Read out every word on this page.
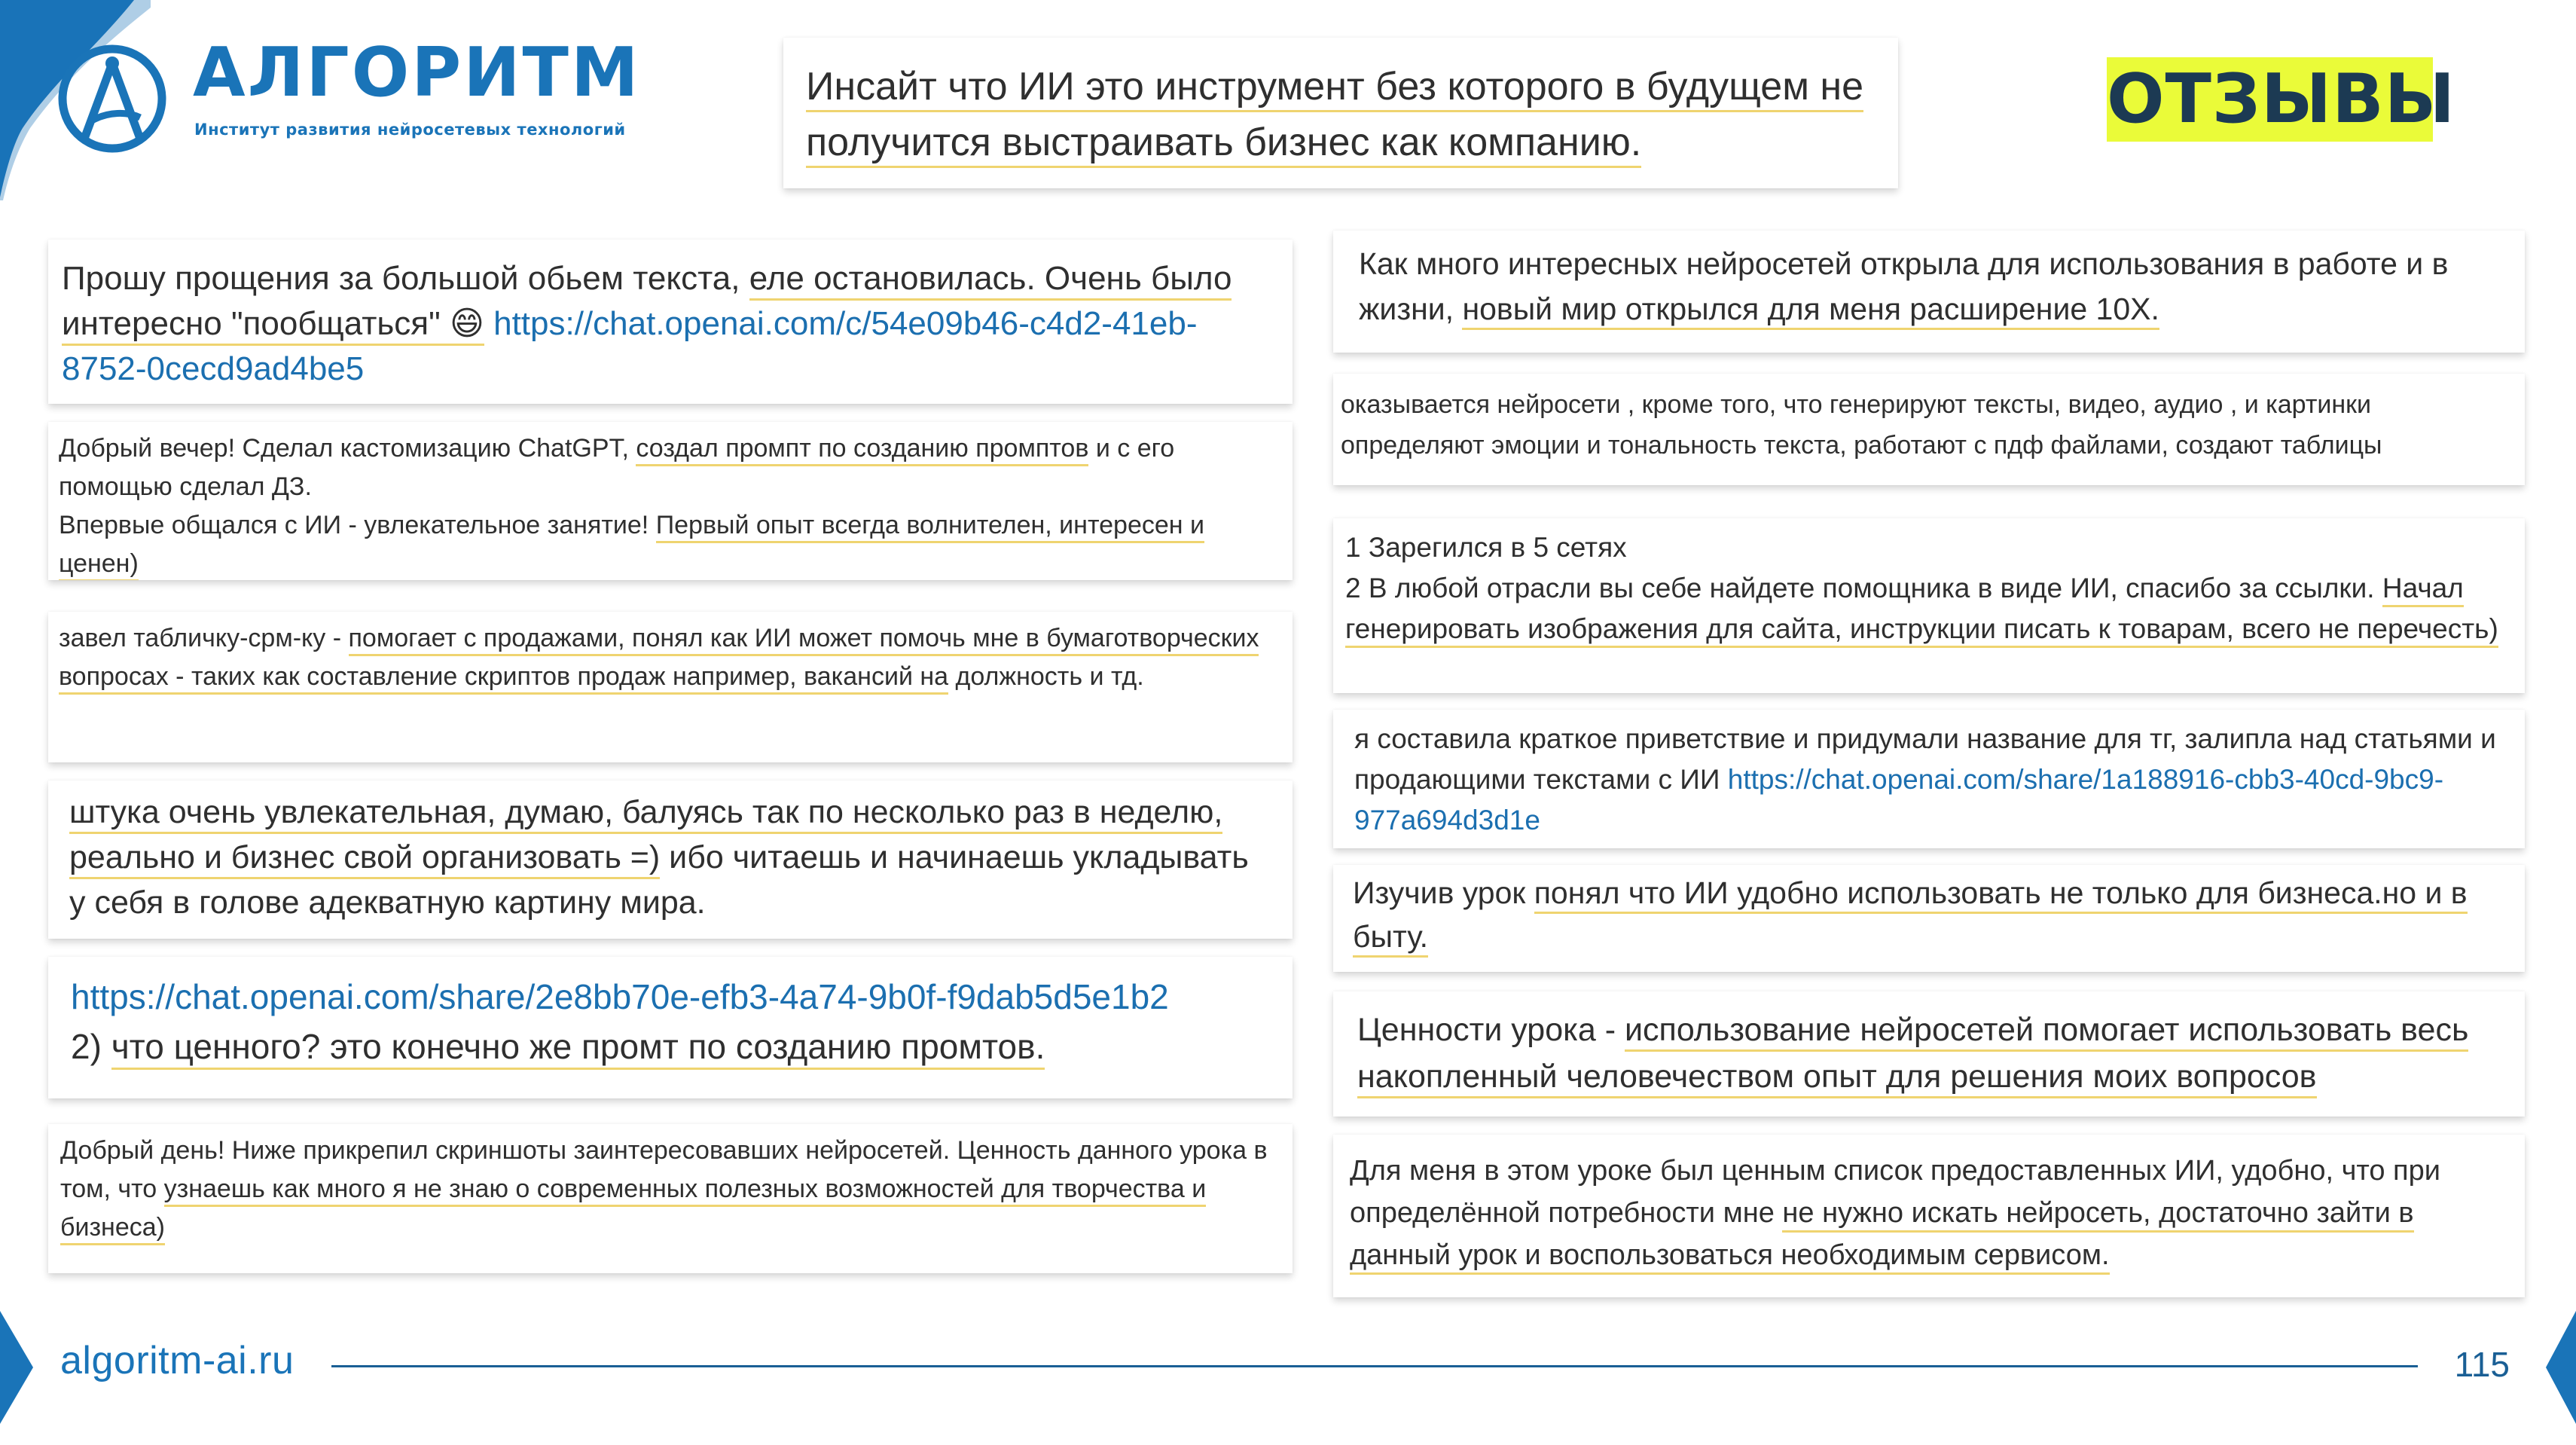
АЛГОРИТМ
Институт развития нейросетевых технологий

Инсайт что ИИ это инструмент без которого в будущем не получится выстраивать бизнес как компанию.

ОТЗЫВЫ

Прошу прощения за большой обьем текста, еле остановилась. Очень было интересно "пообщаться" 😄 https://chat.openai.com/c/54e09b46-c4d2-41eb-8752-0cecd9ad4be5

Добрый вечер! Сделал кастомизацию ChatGPT, создал промпт по созданию промптов и с его помощью сделал ДЗ.

Впервые общался с ИИ - увлекательное занятие! Первый опыт всегда волнителен, интересен и ценен)

завел табличку-срм-ку - помогает с продажами, понял как ИИ может помочь мне в бумаготворческих вопросах - таких как составление скриптов продаж например, вакансий на должность и тд.

штука очень увлекательная, думаю, балуясь так по несколько раз в неделю, реально и бизнес свой организовать =) ибо читаешь и начинаешь укладывать у себя в голове адекватную картину мира.

https://chat.openai.com/share/2e8bb70e-efb3-4a74-9b0f-f9dab5d5e1b2

2) что ценного? это конечно же промт по созданию промтов.

Добрый день! Ниже прикрепил скриншоты заинтересовавших нейросетей. Ценность данного урока в том, что узнаешь как много я не знаю о современных полезных возможностей для творчества и бизнеса)

Как много интересных нейросетей открыла для использования в работе и в жизни, новый мир открылся для меня расширение 10Х.

оказывается нейросети , кроме того, что генерируют тексты, видео, аудио , и картинки определяют эмоции и тональность текста, работают с пдф файлами, создают таблицы

1 Зарегился в 5 сетях

2 В любой отрасли вы себе найдете помощника в виде ИИ, спасибо за ссылки. Начал генерировать изображения для сайта, инструкции писать к товарам, всего не перечесть)

я составила краткое приветствие и придумали название для тг, залипла над статьями и продающими текстами с ИИ https://chat.openai.com/share/1a188916-cbb3-40cd-9bc9-977a694d3d1e

Изучив урок понял что ИИ удобно использовать не только для бизнеса.но и в быту.

Ценности урока - использование нейросетей помогает использовать весь накопленный человечеством опыт для решения моих вопросов

Для меня в этом уроке был ценным список предоставленных ИИ, удобно, что при определённой потребности мне не нужно искать нейросеть, достаточно зайти в данный урок и воспользоваться необходимым сервисом.

algoritm-ai.ru	115
